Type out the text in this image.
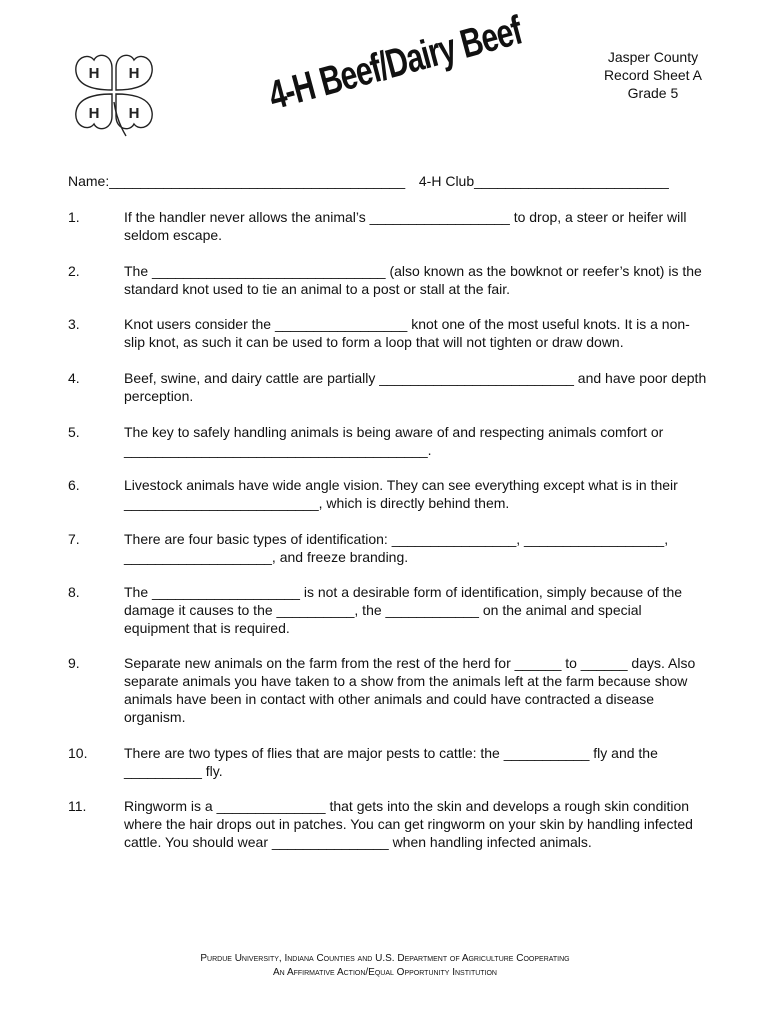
H H
H H	4-H Beef/Dairy Beef	Jasper County
Record Sheet A
Grade 5
Name:______________________________________ 4-H Club_________________________
1.	If the handler never allows the animal’s __________________ to drop, a steer or heifer will seldom escape.
2.	The ______________________________ (also known as the bowknot or reefer’s knot) is the standard knot used to tie an animal to a post or stall at the fair.
3.	Knot users consider the _________________ knot one of the most useful knots. It is a non-slip knot, as such it can be used to form a loop that will not tighten or draw down.
4.	Beef, swine, and dairy cattle are partially _________________________ and have poor depth perception.
5.	The key to safely handling animals is being aware of and respecting animals comfort or _______________________________________.
6.	Livestock animals have wide angle vision. They can see everything except what is in their _________________________, which is directly behind them.
7.	There are four basic types of identification: ________________, __________________, ___________________, and freeze branding.
8.	The ___________________ is not a desirable form of identification, simply because of the damage it causes to the __________, the ____________ on the animal and special equipment that is required.
9.	Separate new animals on the farm from the rest of the herd for ______ to ______ days. Also separate animals you have taken to a show from the animals left at the farm because show animals have been in contact with other animals and could have contracted a disease organism.
10.	There are two types of flies that are major pests to cattle: the ___________ fly and the __________ fly.
11.	Ringworm is a ______________ that gets into the skin and develops a rough skin condition where the hair drops out in patches. You can get ringworm on your skin by handling infected cattle. You should wear _______________ when handling infected animals.
Purdue University, Indiana Counties and U.S. Department of Agriculture Cooperating
An Affirmative Action/Equal Opportunity Institution
